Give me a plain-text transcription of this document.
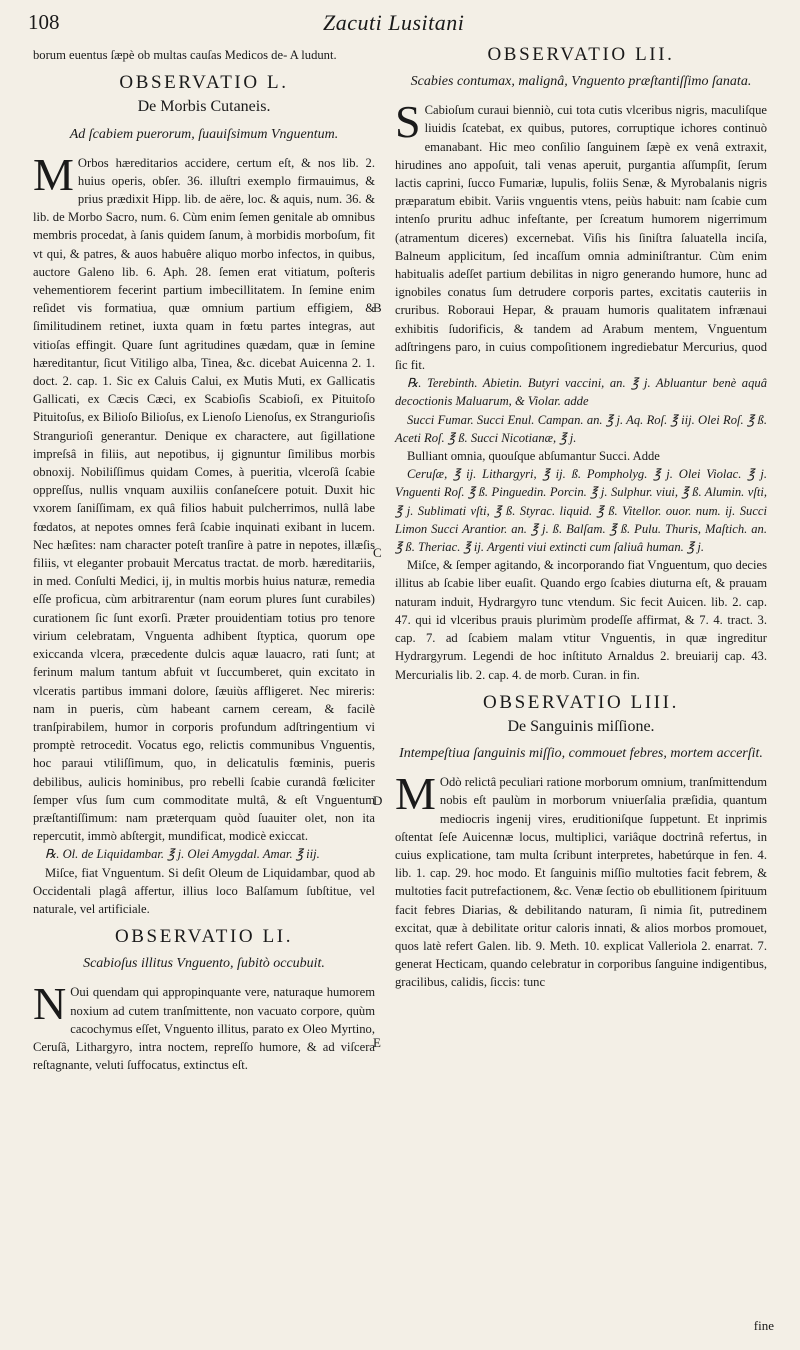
108	Zacuti Lusitani
B
C
D
E

borum euentus ſæpè ob multas cauſas Medicos de- A ludunt.

OBSERVATIO L.
De Morbis Cutaneis.
Ad ſcabiem puerorum, ſuauiſsimum Vnguentum.

M Orbos hæreditarios accidere, certum eſt, & nos lib. 2. huius operis, obſer. 36. illuſtri exemplo firmauimus, & prius prædixit Hipp. lib. de aëre, loc. & aquis, num. 36. & lib. de Morbo Sacro, num. 6. Cùm enim ſemen genitale ab omnibus membris procedat, à ſanis quidem ſanum, à morbidis morboſum, fit vt qui, & patres, & auos habuêre aliquo morbo infectos, in quibus, auctore Galeno lib. 6. Aph. 28. ſemen erat vitiatum, poſteris vehementiorem fecerint partium imbecillitatem. In ſemine enim reſidet vis formatiua, quæ omnium partium effigiem, & ſimilitudinem retinet, iuxta quam in fœtu partes integras, aut vitioſas effingit. Quare ſunt agritudines quædam, quæ in ſemine hæreditantur, ſicut Vitiligo alba, Tinea, &c. dicebat Auicenna 2. 1. doct. 2. cap. 1. Sic ex Caluis Calui, ex Mutis Muti, ex Gallicatis Gallicati, ex Cæcis Cæci, ex Scabioſis Scabioſi, ex Pituitoſo Pituitoſus, ex Bilioſo Bilioſus, ex Lienoſo Lienoſus, ex Strangurioſis Strangurioſi generantur. Denique ex charactere, aut ſigillatione impreſsâ in filiis, aut nepotibus, ij gignuntur ſimilibus morbis obnoxij. Nobiliſſimus quidam Comes, à pueritia, vlceroſâ ſcabie oppreſſus, nullis vnquam auxiliis conſaneſcere potuit. Duxit hic vxorem ſaniſſimam, ex quâ filios habuit pulcherrimos, nullâ labe fœdatos, at nepotes omnes ferâ ſcabie inquinati exibant in lucem. Nec hæſites: nam character poteſt tranſire à patre in nepotes, illæſis filiis, vt eleganter probauit Mercatus tractat. de morb. hæreditariis, in med. Conſulti Medici, ij, in multis morbis huius naturæ, remedia eſſe proficua, cùm arbitrarentur (nam eorum plures ſunt curabiles) curationem ſic ſunt exorſi. Præter prouidentiam totius pro tenore virium celebratam, Vnguenta adhibent ſtyptica, quorum ope exiccanda vlcera, præcedente dulcis aquæ lauacro, rati ſunt; at ferinum malum tantum abfuit vt ſuccumberet, quin excitato in vlceratis partibus immani dolore, ſæuiùs affligeret. Nec mireris: nam in pueris, cùm habeant carnem ceream, & facilè tranſpirabilem, humor in corporis profundum adſtringentium vi promptè retrocedit. Vocatus ego, relictis communibus Vnguentis, hoc paraui vtiliſſimum, quo, in delicatulis fœminis, pueris debilibus, aulicis hominibus, pro rebelli ſcabie curandâ fœliciter ſemper vſus ſum cum commoditate multâ, & eſt Vnguentum præſtantiſſimum: nam præterquam quòd ſuauiter olet, non ita repercutit, immò abſtergit, mundificat, modicè exiccat.

℞. Ol. de Liquidambar. ℥ j. Olei Amygdal. Amar. ℥ iij.

Miſce, fiat Vnguentum. Si deſit Oleum de Liquidambar, quod ab Occidentali plagâ affertur, illius loco Balſamum ſubſtitue, vel naturale, vel artificiale.

OBSERVATIO LI.
Scabioſus illitus Vnguento, ſubitò occubuit.

N Oui quendam qui appropinquante vere, naturaque humorem noxium ad cutem tranſmittente, non vacuato corpore, quùm cacochymus eſſet, Vnguento illitus, parato ex Oleo Myrtino, Ceruſâ, Lithargyro, intra noctem, repreſſo humore, & ad viſcera reſtagnante, veluti ſuffocatus, extinctus eſt.

OBSERVATIO LII.
Scabies contumax, malignâ, Vnguento præſtantiſſimo ſanata.

S Cabioſum curaui bienniò, cui tota cutis vlceribus nigris, maculiſque liuidis ſcatebat, ex quibus, putores, corruptique ichores continuò emanabant. Hic meo conſilio ſanguinem ſæpè ex venâ extraxit, hirudines ano appoſuit, tali venas aperuit, purgantia aſſumpſit, ſerum lactis caprini, ſucco Fumariæ, lupulis, foliis Senæ, & Myrobalanis nigris præparatum ebibit. Variis vnguentis vtens, peiùs habuit: nam ſcabie cum intenſo pruritu adhuc infeſtante, per ſcreatum humorem nigerrimum (atramentum diceres) excernebat. Viſis his ſiniſtra ſaluatella inciſa, Balneum applicitum, ſed incaſſum omnia adminiſtrantur. Cùm enim habitualis adeſſet partium debilitas in nigro generando humore, hunc ad ignobiles conatus ſum detrudere corporis partes, excitatis cauteriis in cruribus. Roboraui Hepar, & prauam humoris qualitatem infrænaui exhibitis ſudorificis, & tandem ad Arabum mentem, Vnguentum adſtringens paro, in cuius compoſitionem ingrediebatur Mercurius, quod ſic fit.

℞. Terebinth. Abietin. Butyri vaccini, an. ℥ j. Abluantur benè aquâ decoctionis Maluarum, & Violar. adde

Succi Fumar. Succi Enul. Campan. an. ℥ j. Aq. Roſ. ℥ iij. Olei Roſ. ℥ ß. Aceti Roſ. ℥ ß. Succi Nicotianæ, ℥ j.

Bulliant omnia, quouſque abſumantur Succi. Adde

Ceruſæ, ℥ ij. Lithargyri, ℥ ij. ß. Pompholyg. ℥ j. Olei Violac. ℥ j. Vnguenti Roſ. ℥ ß. Pinguedin. Porcin. ℥ j. Sulphur. viui, ℥ ß. Alumin. vſti, ℥ j. Sublimati vſti, ℥ ß. Styrac. liquid. ℥ ß. Vitellor. ouor. num. ij. Succi Limon Succi Arantior. an. ℥ j. ß. Balſam. ℥ ß. Pulu. Thuris, Maſtich. an. ℥ ß. Theriac. ℥ ij. Argenti viui extincti cum ſaliuâ human. ℥ j.

Miſce, & ſemper agitando, & incorporando fiat Vnguentum, quo decies illitus ab ſcabie liber euaſit. Quando ergo ſcabies diuturna eſt, & prauam naturam induit, Hydrargyro tunc vtendum. Sic fecit Auicen. lib. 2. cap. 47. qui id vlceribus prauis plurimùm prodeſſe affirmat, & 7. 4. tract. 3. cap. 7. ad ſcabiem malam vtitur Vnguentis, in quæ ingreditur Hydrargyrum. Legendi de hoc inſtituto Arnaldus 2. breuiarij cap. 43. Mercurialis lib. 2. cap. 4. de morb. Curan. in fin.

OBSERVATIO LIII.
De Sanguinis miſſione.
Intempeſtiua ſanguinis miſſio, commouet febres, mortem accerſit.

M Odò relictâ peculiari ratione morborum omnium, tranſmittendum nobis eſt paulùm in morborum vniuerſalia præſidia, quantum mediocris ingenij vires, eruditioniſque ſuppetunt. Et inprimis oſtentat ſeſe Auicennæ locus, multiplici, variâque doctrinâ refertus, in cuius explicatione, tam multa ſcribunt interpretes, habetúrque in fen. 4. lib. 1. cap. 29. hoc modo. Et ſanguinis miſſio multoties facit febrem, & multoties facit putrefactionem, &c. Venæ ſectio ob ebullitionem ſpirituum facit febres Diarias, & debilitando naturam, ſi nimia ſit, putredinem excitat, quæ à debilitate oritur caloris innati, & alios morbos promouet, quos latè refert Galen. lib. 9. Meth. 10. explicat Valleriola 2. enarrat. 7. generat Hecticam, quando celebratur in corporibus ſanguine indigentibus, gracilibus, calidis, ſiccis: tunc

fine
